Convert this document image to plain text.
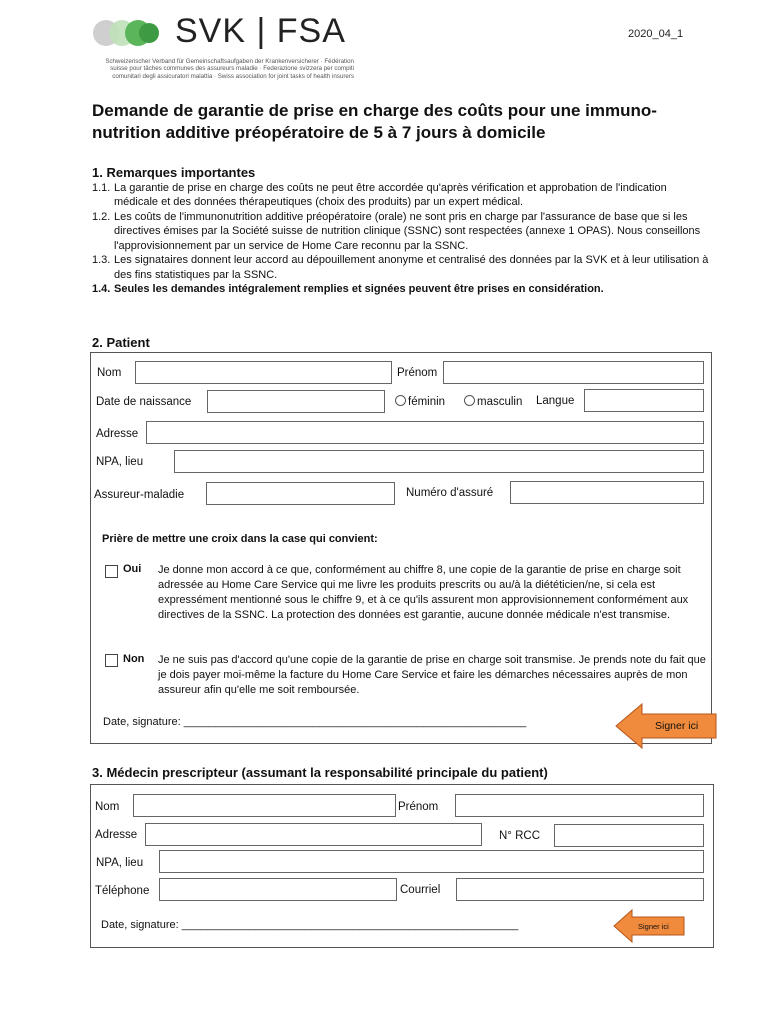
SVK | FSA
Schweizerischer Verband für Gemeinschaftsaufgaben der Krankenversicherer · Fédération suisse pour tâches communes des assureurs maladie · Federazione svizzera per compiti comunitari degli assicuratori malattia · Swiss association for joint tasks of health insurers
2020_04_1
Demande de garantie de prise en charge des coûts pour une immuno-nutrition additive préopératoire de 5 à 7 jours à domicile
1. Remarques importantes
1.1. La garantie de prise en charge des coûts ne peut être accordée qu'après vérification et approbation de l'indication médicale et des données thérapeutiques (choix des produits) par un expert médical.
1.2. Les coûts de l'immunonutrition additive préopératoire (orale) ne sont pris en charge par l'assurance de base que si les directives émises par la Société suisse de nutrition clinique (SSNC) sont respectées (annexe 1 OPAS). Nous conseillons l'approvisionnement par un service de Home Care reconnu par la SSNC.
1.3. Les signataires donnent leur accord au dépouillement anonyme et centralisé des données par la SVK et à leur utilisation à des fins statistiques par la SSNC.
1.4. Seules les demandes intégralement remplies et signées peuvent être prises en considération.
2. Patient
Nom	Prénom
Date de naissance	féminin	masculin Langue
Adresse
NPA, lieu
Assureur-maladie	Numéro d'assuré
Prière de mettre une croix dans la case qui convient:
Oui Je donne mon accord à ce que, conformément au chiffre 8, une copie de la garantie de prise en charge soit adressée au Home Care Service qui me livre les produits prescrits ou au/à la diététicien/ne, si cela est expressément mentionné sous le chiffre 9, et à ce qu'ils assurent mon approvisionnement conformément aux directives de la SSNC. La protection des données est garantie, aucune donnée médicale n'est transmise.
Non Je ne suis pas d'accord qu'une copie de la garantie de prise en charge soit transmise. Je prends note du fait que je dois payer moi-même la facture du Home Care Service et faire les démarches nécessaires auprès de mon assureur afin qu'elle me soit remboursée.
Date, signature: ________________________________________________________	Signer ici
3. Médecin prescripteur (assumant la responsabilité principale du patient)
Nom	Prénom
Adresse	N° RCC
NPA, lieu
Téléphone	Courriel
Date, signature: _______________________________________________________	Signer ici
